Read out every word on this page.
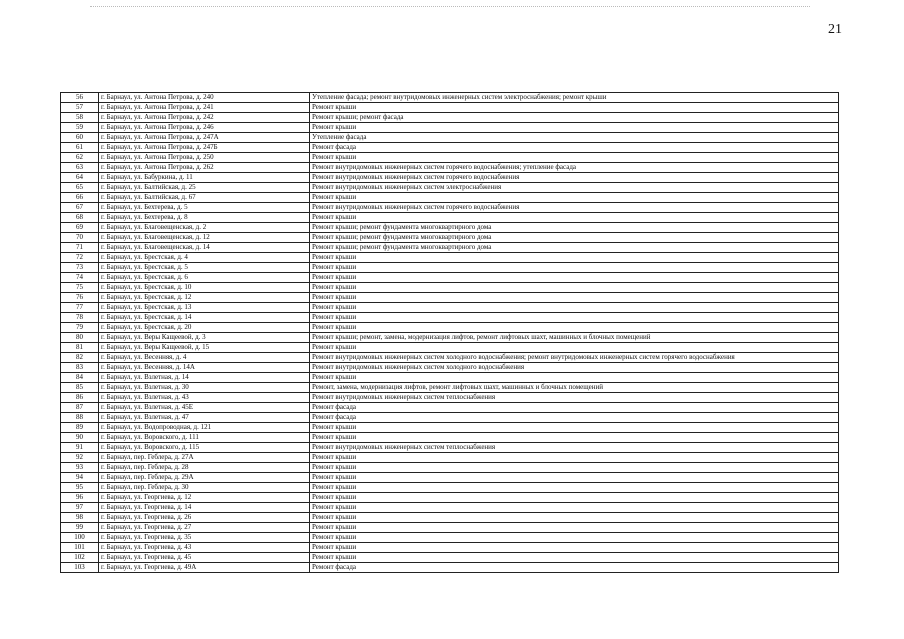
21
56	г. Барнаул, ул. Антона Петрова, д. 240	Утепление фасада; ремонт внутридомовых инженерных систем электроснабжения; ремонт крыши
57	г. Барнаул, ул. Антона Петрова, д. 241	Ремонт крыши
58	г. Барнаул, ул. Антона Петрова, д. 242	Ремонт крыши; ремонт фасада
59	г. Барнаул, ул. Антона Петрова, д. 246	Ремонт крыши
60	г. Барнаул, ул. Антона Петрова, д. 247А	Утепление фасада
61	г. Барнаул, ул. Антона Петрова, д. 247Б	Ремонт фасада
62	г. Барнаул, ул. Антона Петрова, д. 250	Ремонт крыши
63	г. Барнаул, ул. Антона Петрова, д. 262	Ремонт внутридомовых инженерных систем горячего водоснабжения; утепление фасада
64	г. Барнаул, ул. Бабуркина, д. 11	Ремонт внутридомовых инженерных систем горячего водоснабжения
65	г. Барнаул, ул. Балтийская, д. 25	Ремонт внутридомовых инженерных систем электроснабжения
66	г. Барнаул, ул. Балтийская, д. 67	Ремонт крыши
67	г. Барнаул, ул. Бехтерева, д. 5	Ремонт внутридомовых инженерных систем горячего водоснабжения
68	г. Барнаул, ул. Бехтерева, д. 8	Ремонт крыши
69	г. Барнаул, ул. Благовещенская, д. 2	Ремонт крыши; ремонт фундамента многоквартирного дома
70	г. Барнаул, ул. Благовещенская, д. 12	Ремонт крыши; ремонт фундамента многоквартирного дома
71	г. Барнаул, ул. Благовещенская, д. 14	Ремонт крыши; ремонт фундамента многоквартирного дома
72	г. Барнаул, ул. Брестская, д. 4	Ремонт крыши
73	г. Барнаул, ул. Брестская, д. 5	Ремонт крыши
74	г. Барнаул, ул. Брестская, д. 6	Ремонт крыши
75	г. Барнаул, ул. Брестская, д. 10	Ремонт крыши
76	г. Барнаул, ул. Брестская, д. 12	Ремонт крыши
77	г. Барнаул, ул. Брестская, д. 13	Ремонт крыши
78	г. Барнаул, ул. Брестская, д. 14	Ремонт крыши
79	г. Барнаул, ул. Брестская, д. 20	Ремонт крыши
80	г. Барнаул, ул. Веры Кащеевой, д. 3	Ремонт крыши; ремонт, замена, модернизация лифтов, ремонт лифтовых шахт, машинных и блочных помещений
81	г. Барнаул, ул. Веры Кащеевой, д. 15	Ремонт крыши
82	г. Барнаул, ул. Весенняя, д. 4	Ремонт внутридомовых инженерных систем холодного водоснабжения; ремонт внутридомовых инженерных систем горячего водоснабжения
83	г. Барнаул, ул. Весенняя, д. 14А	Ремонт внутридомовых инженерных систем холодного водоснабжения
84	г. Барнаул, ул. Взлетная, д. 14	Ремонт крыши
85	г. Барнаул, ул. Взлетная, д. 30	Ремонт, замена, модернизация лифтов, ремонт лифтовых шахт, машинных и блочных помещений
86	г. Барнаул, ул. Взлетная, д. 43	Ремонт внутридомовых инженерных систем теплоснабжения
87	г. Барнаул, ул. Взлетная, д. 45Е	Ремонт фасада
88	г. Барнаул, ул. Взлетная, д. 47	Ремонт фасада
89	г. Барнаул, ул. Водопроводная, д. 121	Ремонт крыши
90	г. Барнаул, ул. Воровского, д. 111	Ремонт крыши
91	г. Барнаул, ул. Воровского, д. 115	Ремонт внутридомовых инженерных систем теплоснабжения
92	г. Барнаул, пер. Геблера, д. 27А	Ремонт крыши
93	г. Барнаул, пер. Геблера, д. 28	Ремонт крыши
94	г. Барнаул, пер. Геблера, д. 29А	Ремонт крыши
95	г. Барнаул, пер. Геблера, д. 30	Ремонт крыши
96	г. Барнаул, ул. Георгиева, д. 12	Ремонт крыши
97	г. Барнаул, ул. Георгиева, д. 14	Ремонт крыши
98	г. Барнаул, ул. Георгиева, д. 26	Ремонт крыши
99	г. Барнаул, ул. Георгиева, д. 27	Ремонт крыши
100	г. Барнаул, ул. Георгиева, д. 35	Ремонт крыши
101	г. Барнаул, ул. Георгиева, д. 43	Ремонт крыши
102	г. Барнаул, ул. Георгиева, д. 45	Ремонт крыши
103	г. Барнаул, ул. Георгиева, д. 49А	Ремонт фасада
